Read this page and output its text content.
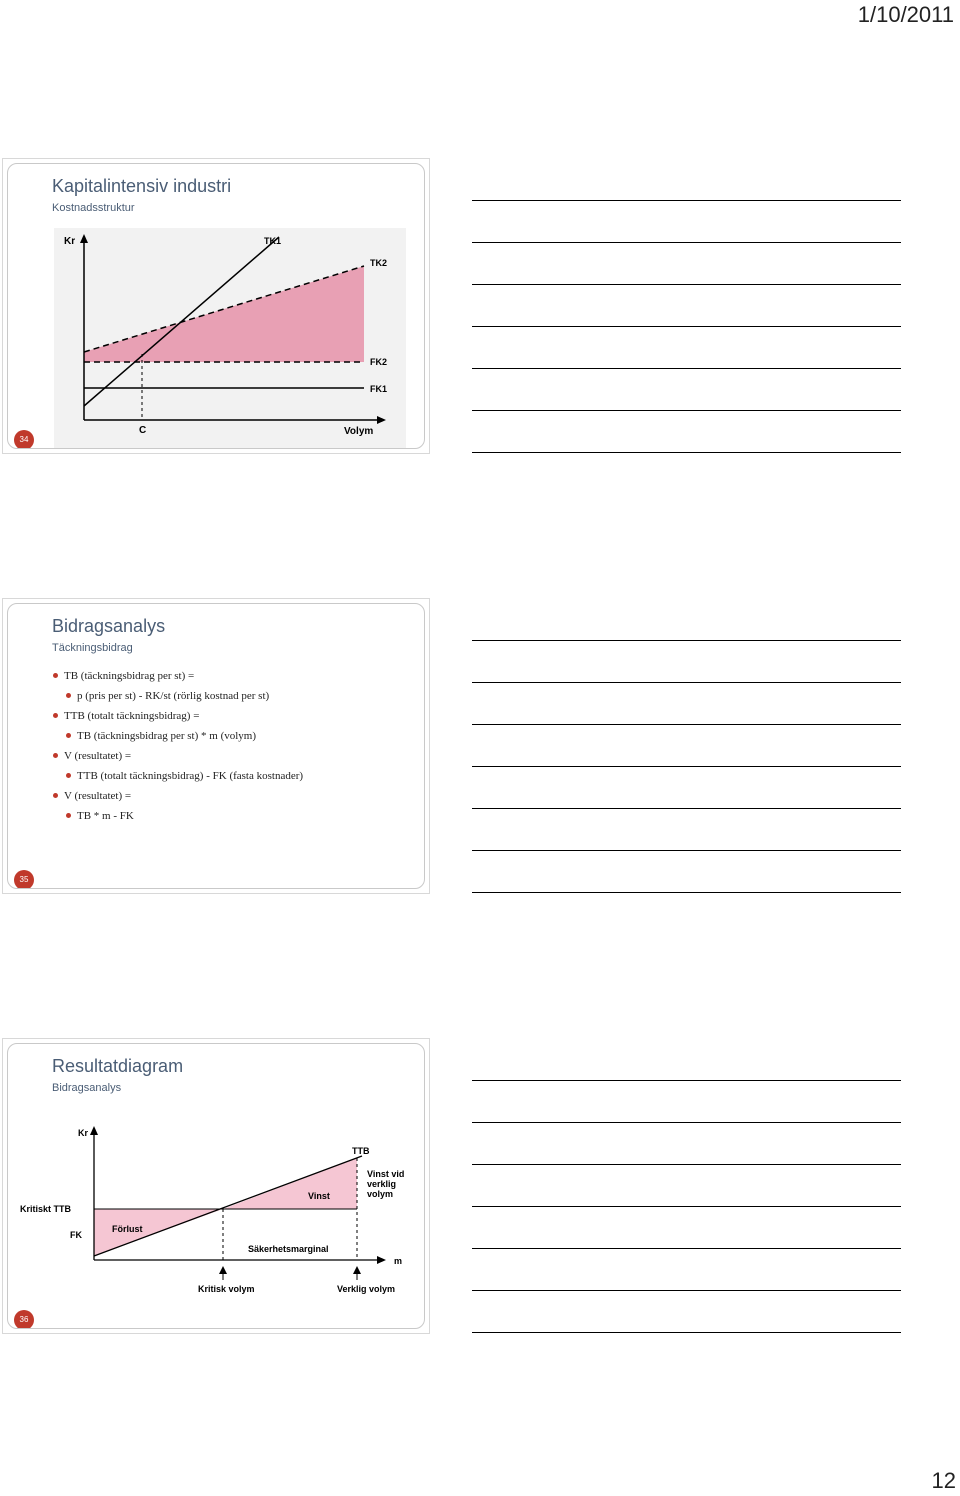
1/10/2011
Kapitalintensiv industri
Kostnadsstruktur
Kr
Volym
C
TK1
TK2
FK2
FK1
34
Bidragsanalys
Täckningsbidrag
TB (täckningsbidrag per st) =
p (pris per st) - RK/st (rörlig kostnad per st)
TTB (totalt täckningsbidrag) =
TB (täckningsbidrag per st) * m (volym)
V (resultatet) =
TTB (totalt täckningsbidrag) - FK (fasta kostnader)
V (resultatet) =
TB * m - FK
35
Resultatdiagram
Bidragsanalys
Kr
m
TTB
Kritiskt TTB
FK
Förlust
Vinst
Säkerhetsmarginal
Vinst vid
verklig
volym
Kritisk volym	Verklig volym
36
12
